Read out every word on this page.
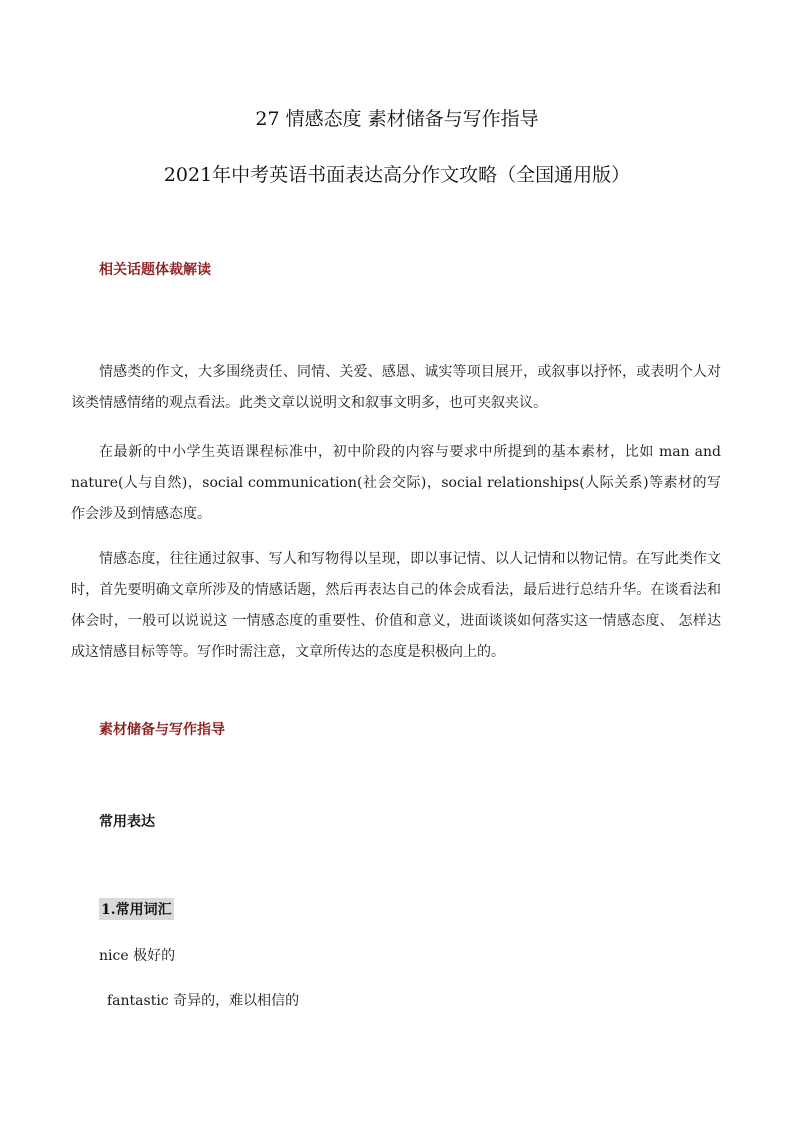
27 情感态度 素材储备与写作指导
2021年中考英语书面表达高分作文攻略（全国通用版）
相关话题体裁解读

情感类的作文，大多围绕责任、同情、关爱、感恩、诚实等项目展开，或叙事以抒怀，或表明个人对该类情感情绪的观点看法。此类文章以说明文和叙事文明多，也可夹叙夹议。

在最新的中小学生英语课程标准中，初中阶段的内容与要求中所提到的基本素材，比如 man and nature(人与自然)，social communication(社会交际)，social relationships(人际关系)等素材的写作会涉及到情感态度。

情感态度，往往通过叙事、写人和写物得以呈现，即以事记情、以人记情和以物记情。在写此类作文时，首先要明确文章所涉及的情感话题，然后再表达自己的体会成看法，最后进行总结升华。在谈看法和体会时，一般可以说说这 一情感态度的重要性、价值和意义，进面谈谈如何落实这一情感态度、 怎样达成这情感目标等等。写作时需注意，文章所传达的态度是积极向上的。

素材储备与写作指导
常用表达
1.常用词汇
nice 极好的
fantastic 奇异的，难以相信的
